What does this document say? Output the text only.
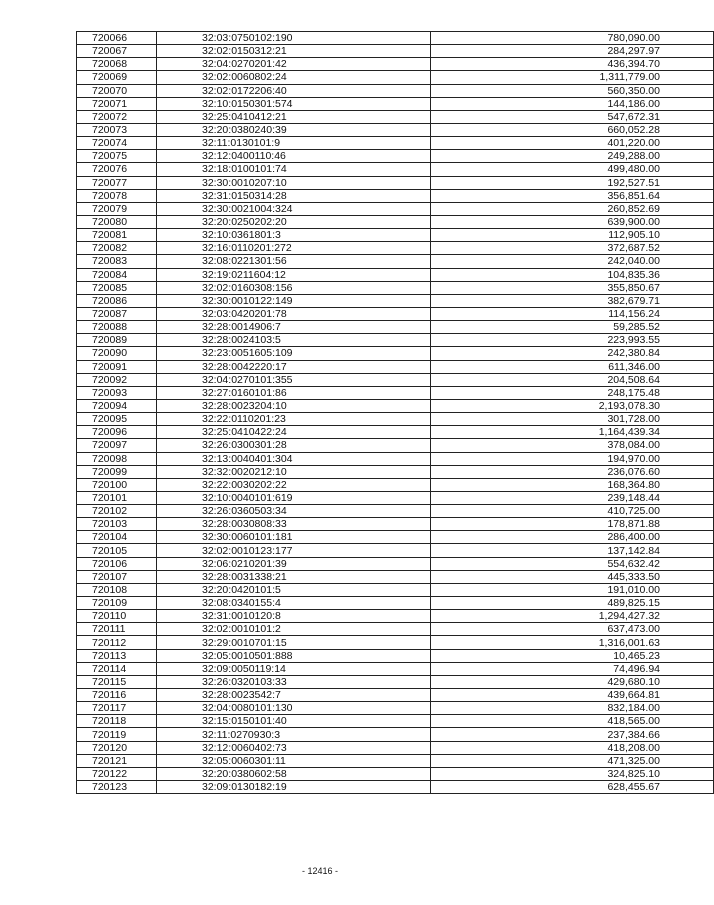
720066	32:03:0750102:190	780,090.00
720067	32:02:0150312:21	284,297.97
720068	32:04:0270201:42	436,394.70
720069	32:02:0060802:24	1,311,779.00
720070	32:02:0172206:40	560,350.00
720071	32:10:0150301:574	144,186.00
720072	32:25:0410412:21	547,672.31
720073	32:20:0380240:39	660,052.28
720074	32:11:0130101:9	401,220.00
720075	32:12:0400110:46	249,288.00
720076	32:18:0100101:74	499,480.00
720077	32:30:0010207:10	192,527.51
720078	32:31:0150314:28	356,851.64
720079	32:30:0021004:324	260,852.69
720080	32:20:0250202:20	639,900.00
720081	32:10:0361801:3	112,905.10
720082	32:16:0110201:272	372,687.52
720083	32:08:0221301:56	242,040.00
720084	32:19:0211604:12	104,835.36
720085	32:02:0160308:156	355,850.67
720086	32:30:0010122:149	382,679.71
720087	32:03:0420201:78	114,156.24
720088	32:28:0014906:7	59,285.52
720089	32:28:0024103:5	223,993.55
720090	32:23:0051605:109	242,380.84
720091	32:28:0042220:17	611,346.00
720092	32:04:0270101:355	204,508.64
720093	32:27:0160101:86	248,175.48
720094	32:28:0023204:10	2,193,078.30
720095	32:22:0110201:23	301,728.00
720096	32:25:0410422:24	1,164,439.34
720097	32:26:0300301:28	378,084.00
720098	32:13:0040401:304	194,970.00
720099	32:32:0020212:10	236,076.60
720100	32:22:0030202:22	168,364.80
720101	32:10:0040101:619	239,148.44
720102	32:26:0360503:34	410,725.00
720103	32:28:0030808:33	178,871.88
720104	32:30:0060101:181	286,400.00
720105	32:02:0010123:177	137,142.84
720106	32:06:0210201:39	554,632.42
720107	32:28:0031338:21	445,333.50
720108	32:20:0420101:5	191,010.00
720109	32:08:0340155:4	489,825.15
720110	32:31:0010120:8	1,294,427.32
720111	32:02:0010101:2	637,473.00
720112	32:29:0010701:15	1,316,001.63
720113	32:05:0010501:888	10,465.23
720114	32:09:0050119:14	74,496.94
720115	32:26:0320103:33	429,680.10
720116	32:28:0023542:7	439,664.81
720117	32:04:0080101:130	832,184.00
720118	32:15:0150101:40	418,565.00
720119	32:11:0270930:3	237,384.66
720120	32:12:0060402:73	418,208.00
720121	32:05:0060301:11	471,325.00
720122	32:20:0380602:58	324,825.10
720123	32:09:0130182:19	628,455.67
- 12416 -
